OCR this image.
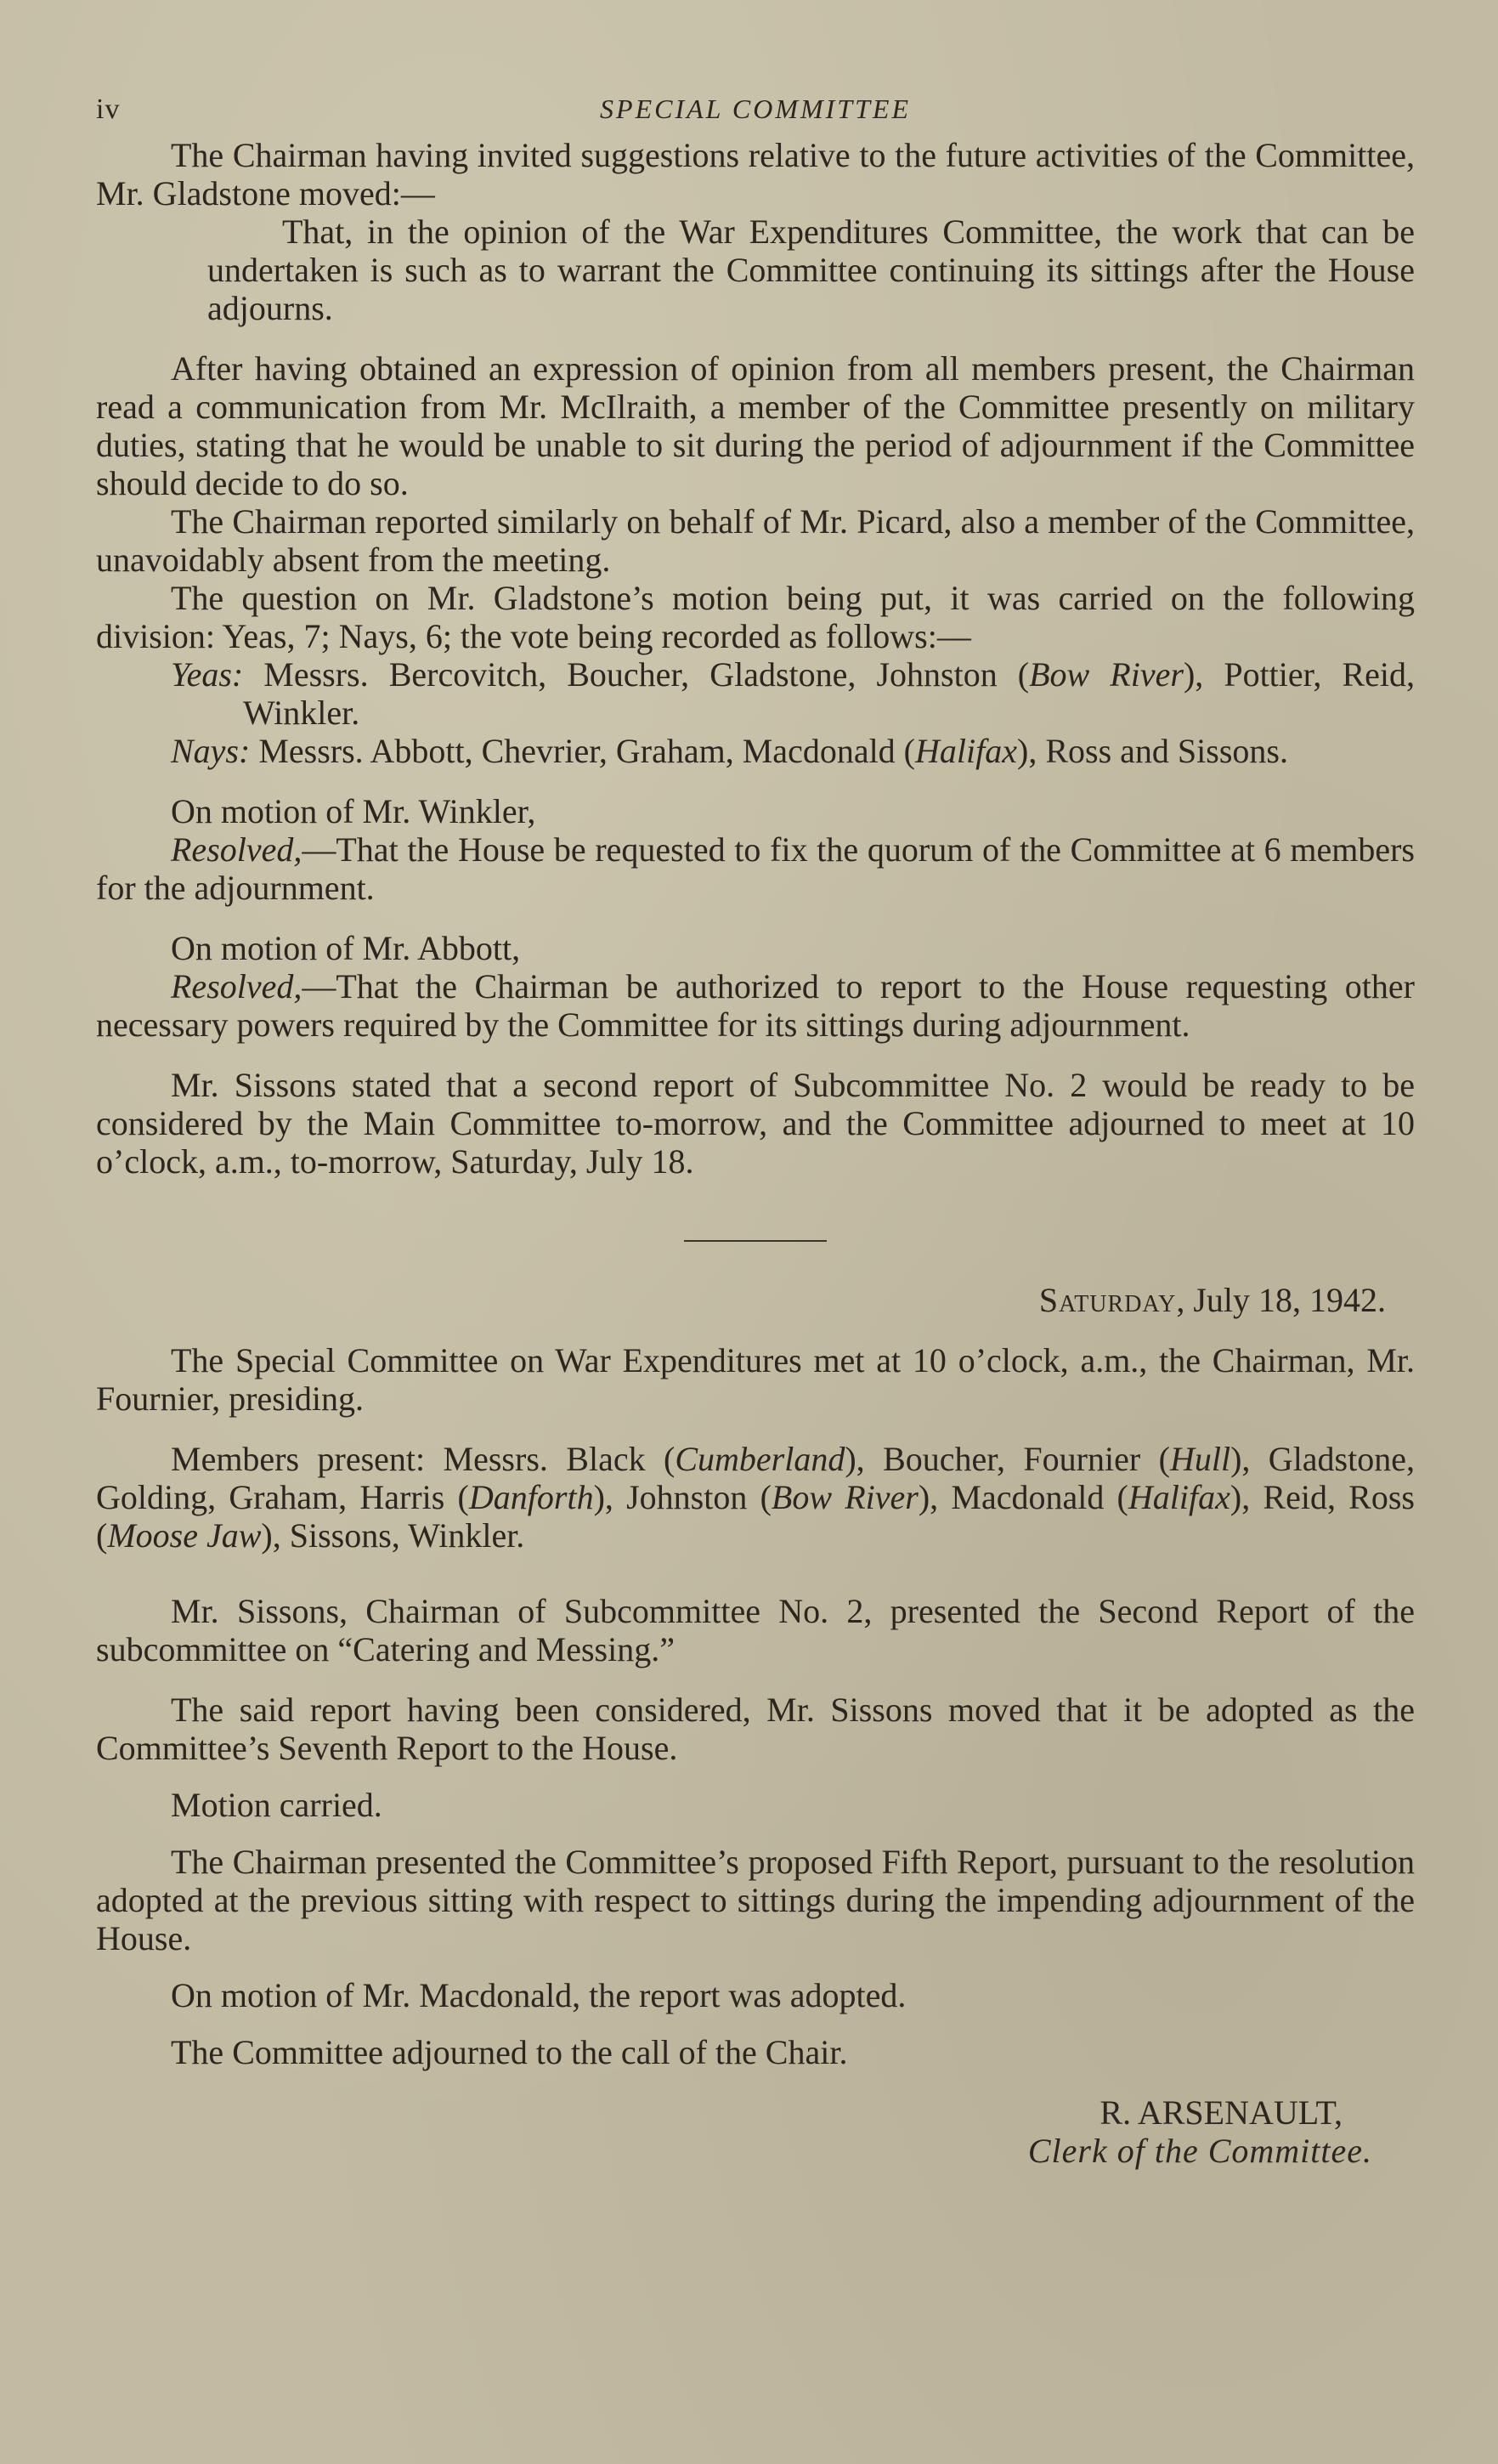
iv	SPECIAL COMMITTEE

The Chairman having invited suggestions relative to the future activities of the Committee, Mr. Gladstone moved:—

That, in the opinion of the War Expenditures Committee, the work that can be undertaken is such as to warrant the Committee continuing its sittings after the House adjourns.

After having obtained an expression of opinion from all members present, the Chairman read a communication from Mr. McIlraith, a member of the Committee presently on military duties, stating that he would be unable to sit during the period of adjournment if the Committee should decide to do so.

The Chairman reported similarly on behalf of Mr. Picard, also a member of the Committee, unavoidably absent from the meeting.

The question on Mr. Gladstone’s motion being put, it was carried on the following division: Yeas, 7; Nays, 6; the vote being recorded as follows:—

Yeas: Messrs. Bercovitch, Boucher, Gladstone, Johnston (Bow River), Pottier, Reid, Winkler.

Nays: Messrs. Abbott, Chevrier, Graham, Macdonald (Halifax), Ross and Sissons.

On motion of Mr. Winkler,

Resolved,—That the House be requested to fix the quorum of the Committee at 6 members for the adjournment.

On motion of Mr. Abbott,

Resolved,—That the Chairman be authorized to report to the House requesting other necessary powers required by the Committee for its sittings during adjournment.

Mr. Sissons stated that a second report of Subcommittee No. 2 would be ready to be considered by the Main Committee to-morrow, and the Committee adjourned to meet at 10 o’clock, a.m., to-morrow, Saturday, July 18.

Saturday, July 18, 1942.

The Special Committee on War Expenditures met at 10 o’clock, a.m., the Chairman, Mr. Fournier, presiding.

Members present: Messrs. Black (Cumberland), Boucher, Fournier (Hull), Gladstone, Golding, Graham, Harris (Danforth), Johnston (Bow River), Macdonald (Halifax), Reid, Ross (Moose Jaw), Sissons, Winkler.

Mr. Sissons, Chairman of Subcommittee No. 2, presented the Second Report of the subcommittee on “Catering and Messing.”

The said report having been considered, Mr. Sissons moved that it be adopted as the Committee’s Seventh Report to the House.

Motion carried.

The Chairman presented the Committee’s proposed Fifth Report, pursuant to the resolution adopted at the previous sitting with respect to sittings during the impending adjournment of the House.

On motion of Mr. Macdonald, the report was adopted.

The Committee adjourned to the call of the Chair.

R. ARSENAULT,

Clerk of the Committee.
